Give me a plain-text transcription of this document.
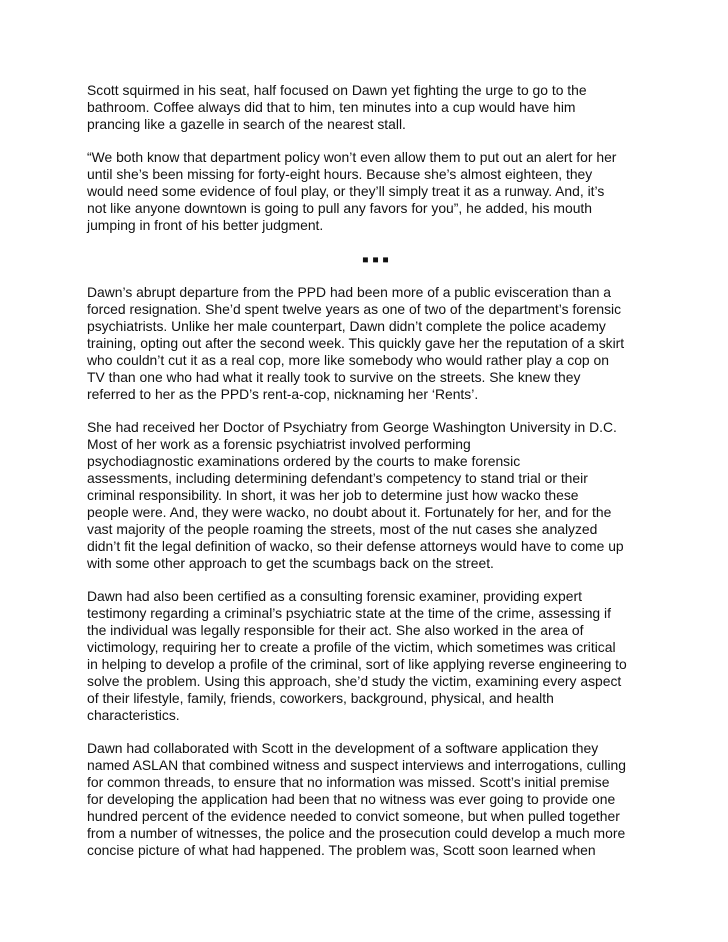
Scott squirmed in his seat, half focused on Dawn yet fighting the urge to go to the
bathroom. Coffee always did that to him, ten minutes into a cup would have him
prancing like a gazelle in search of the nearest stall.

“We both know that department policy won’t even allow them to put out an alert for her
until she’s been missing for forty-eight hours. Because she’s almost eighteen, they
would need some evidence of foul play, or they’ll simply treat it as a runway. And, it’s
not like anyone downtown is going to pull any favors for you”, he added, his mouth
jumping in front of his better judgment.

▪▪▪

Dawn’s abrupt departure from the PPD had been more of a public evisceration than a
forced resignation. She’d spent twelve years as one of two of the department’s forensic
psychiatrists. Unlike her male counterpart, Dawn didn’t complete the police academy
training, opting out after the second week. This quickly gave her the reputation of a skirt
who couldn’t cut it as a real cop, more like somebody who would rather play a cop on
TV than one who had what it really took to survive on the streets. She knew they
referred to her as the PPD’s rent-a-cop, nicknaming her ‘Rents’.

She had received her Doctor of Psychiatry from George Washington University in D.C.
Most of her work as a forensic psychiatrist involved performing
psychodiagnostic examinations ordered by the courts to make forensic
assessments, including determining defendant’s competency to stand trial or their
criminal responsibility. In short, it was her job to determine just how wacko these
people were. And, they were wacko, no doubt about it. Fortunately for her, and for the
vast majority of the people roaming the streets, most of the nut cases she analyzed
didn’t fit the legal definition of wacko, so their defense attorneys would have to come up
with some other approach to get the scumbags back on the street.

Dawn had also been certified as a consulting forensic examiner, providing expert
testimony regarding a criminal’s psychiatric state at the time of the crime, assessing if
the individual was legally responsible for their act. She also worked in the area of
victimology, requiring her to create a profile of the victim, which sometimes was critical
in helping to develop a profile of the criminal, sort of like applying reverse engineering to
solve the problem. Using this approach, she’d study the victim, examining every aspect
of their lifestyle, family, friends, coworkers, background, physical, and health
characteristics.

Dawn had collaborated with Scott in the development of a software application they
named ASLAN that combined witness and suspect interviews and interrogations, culling
for common threads, to ensure that no information was missed. Scott’s initial premise
for developing the application had been that no witness was ever going to provide one
hundred percent of the evidence needed to convict someone, but when pulled together
from a number of witnesses, the police and the prosecution could develop a much more
concise picture of what had happened. The problem was, Scott soon learned when
